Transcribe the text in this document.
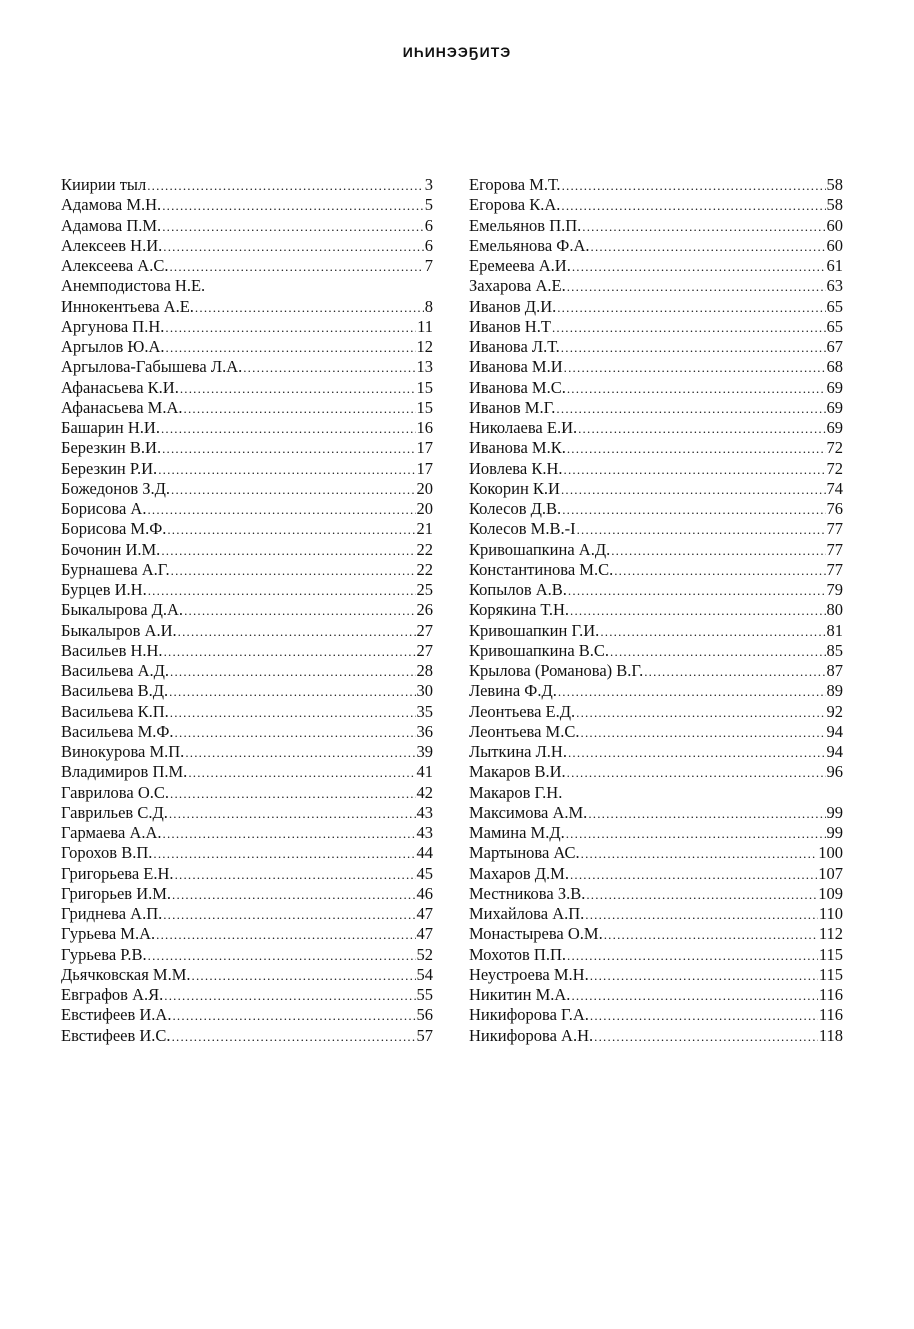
ИҺИНЭЭҔИТЭ
Киирии тыл .....	3
Адамова М.Н. .....	5
Адамова П.М. .....	6
Алексеев Н.И. .....	6
Алексеева А.С. .....	7
Анемподистова Н.Е.
Иннокентьева А.Е. .....	8
Аргунова П.Н. .....	11
Аргылов Ю.А. .....	12
Аргылова-Габышева Л.А. .....	13
Афанасьева К.И. .....	15
Афанасьева М.А. .....	15
Башарин Н.И. .....	16
Березкин В.И. .....	17
Березкин Р.И. .....	17
Божедонов З.Д. .....	20
Борисова А. .....	20
Борисова М.Ф. .....	21
Бочонин И.М. .....	22
Бурнашева А.Г. .....	22
Бурцев И.Н. .....	25
Быкалырова Д.А. .....	26
Быкалыров А.И. .....	27
Васильев Н.Н. .....	27
Васильева А.Д. .....	28
Васильева В.Д. .....	30
Васильева К.П. .....	35
Васильева М.Ф. .....	36
Винокурова М.П. .....	39
Владимиров П.М. .....	41
Гаврилова О.С. .....	42
Гаврильев С.Д. .....	43
Гармаева А.А. .....	43
Горохов В.П. .....	44
Григорьева Е.Н. .....	45
Григорьев И.М. .....	46
Гриднева А.П. .....	47
Гурьева М.А. .....	47
Гурьева Р.В. .....	52
Дьячковская М.М. .....	54
Евграфов А.Я. .....	55
Евстифеев И.А. .....	56
Евстифеев И.С. .....	57
Егорова М.Т. .....	58
Егорова К.А. .....	58
Емельянов П.П. .....	60
Емельянова Ф.А. .....	60
Еремеева А.И. .....	61
Захарова А.Е. .....	63
Иванов Д.И. .....	65
Иванов Н.Т .....	65
Иванова Л.Т. .....	67
Иванова М.И .....	68
Иванова М.С. .....	69
Иванов М.Г. .....	69
Николаева Е.И. .....	69
Иванова М.К. .....	72
Иовлева К.Н. .....	72
Кокорин К.И .....	74
Колесов Д.В. .....	76
Колесов М.В.-I .....	77
Кривошапкина А.Д. .....	77
Константинова М.С. .....	77
Копылов А.В. .....	79
Корякина Т.Н. .....	80
Кривошапкин Г.И. .....	81
Кривошапкина В.С. .....	85
Крылова (Романова) В.Г. .....	87
Левина Ф.Д. .....	89
Леонтьева Е.Д. .....	92
Леонтьева М.С. .....	94
Лыткина Л.Н. .....	94
Макаров В.И. .....	96
Макаров Г.Н.
Максимова А.М. .....	99
Мамина М.Д. .....	99
Мартынова АС. .....	100
Махаров Д.М. .....	107
Местникова З.В. .....	109
Михайлова А.П. .....	110
Монастырева О.М. .....	112
Мохотов П.П. .....	115
Неустроева М.Н. .....	115
Никитин М.А. .....	116
Никифорова Г.А. .....	116
Никифорова А.Н. .....	118
